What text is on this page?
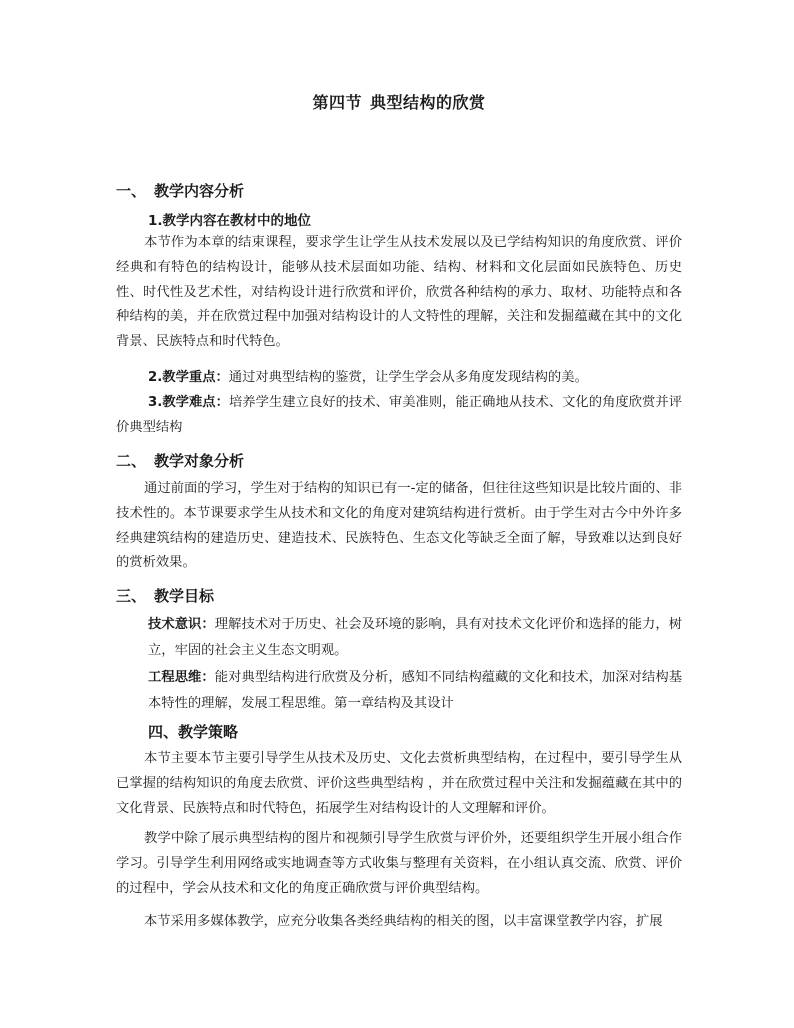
第四节 典型结构的欣赏
一、 教学内容分析
1.教学内容在教材中的地位

本节作为本章的结束课程，要求学生让学生从技术发展以及已学结构知识的角度欣赏、评价经典和有特色的结构设计，能够从技术层面如功能、结构、材料和文化层面如民族特色、历史性、时代性及艺术性，对结构设计进行欣赏和评价，欣赏各种结构的承力、取材、功能特点和各种结构的美，并在欣赏过程中加强对结构设计的人文特性的理解，关注和发掘蕴藏在其中的文化背景、民族特点和时代特色。

2.教学重点：通过对典型结构的鉴赏，让学生学会从多角度发现结构的美。

3.教学难点：培养学生建立良好的技术、审美准则，能正确地从技术、文化的角度欣赏并评价典型结构

二、 教学对象分析

通过前面的学习，学生对于结构的知识已有一-定的储备，但往往这些知识是比较片面的、非技术性的。本节课要求学生从技术和文化的角度对建筑结构进行赏析。由于学生对古今中外许多经典建筑结构的建造历史、建造技术、民族特色、生态文化等缺乏全面了解，导致难以达到良好的赏析效果。

三、 教学目标

技术意识：理解技术对于历史、社会及环境的影响，具有对技术文化评价和选择的能力，树立，牢固的社会主义生态文明观。

工程思维：能对典型结构进行欣赏及分析，感知不同结构蕴藏的文化和技术，加深对结构基本特性的理解，发展工程思维。第一章结构及其设计

四、教学策略

本节主要本节主要引导学生从技术及历史、文化去赏析典型结构，在过程中，要引导学生从已掌握的结构知识的角度去欣赏、评价这些典型结构 ，并在欣赏过程中关注和发掘蕴藏在其中的文化背景、民族特点和时代特色，拓展学生对结构设计的人文理解和评价。

教学中除了展示典型结构的图片和视频引导学生欣赏与评价外，还要组织学生开展小组合作学习。引导学生利用网络或实地调查等方式收集与整理有关资料，在小组认真交流、欣赏、评价的过程中，学会从技术和文化的角度正确欣赏与评价典型结构。

本节采用多媒体教学，应充分收集各类经典结构的相关的图，以丰富课堂教学内容，扩展
